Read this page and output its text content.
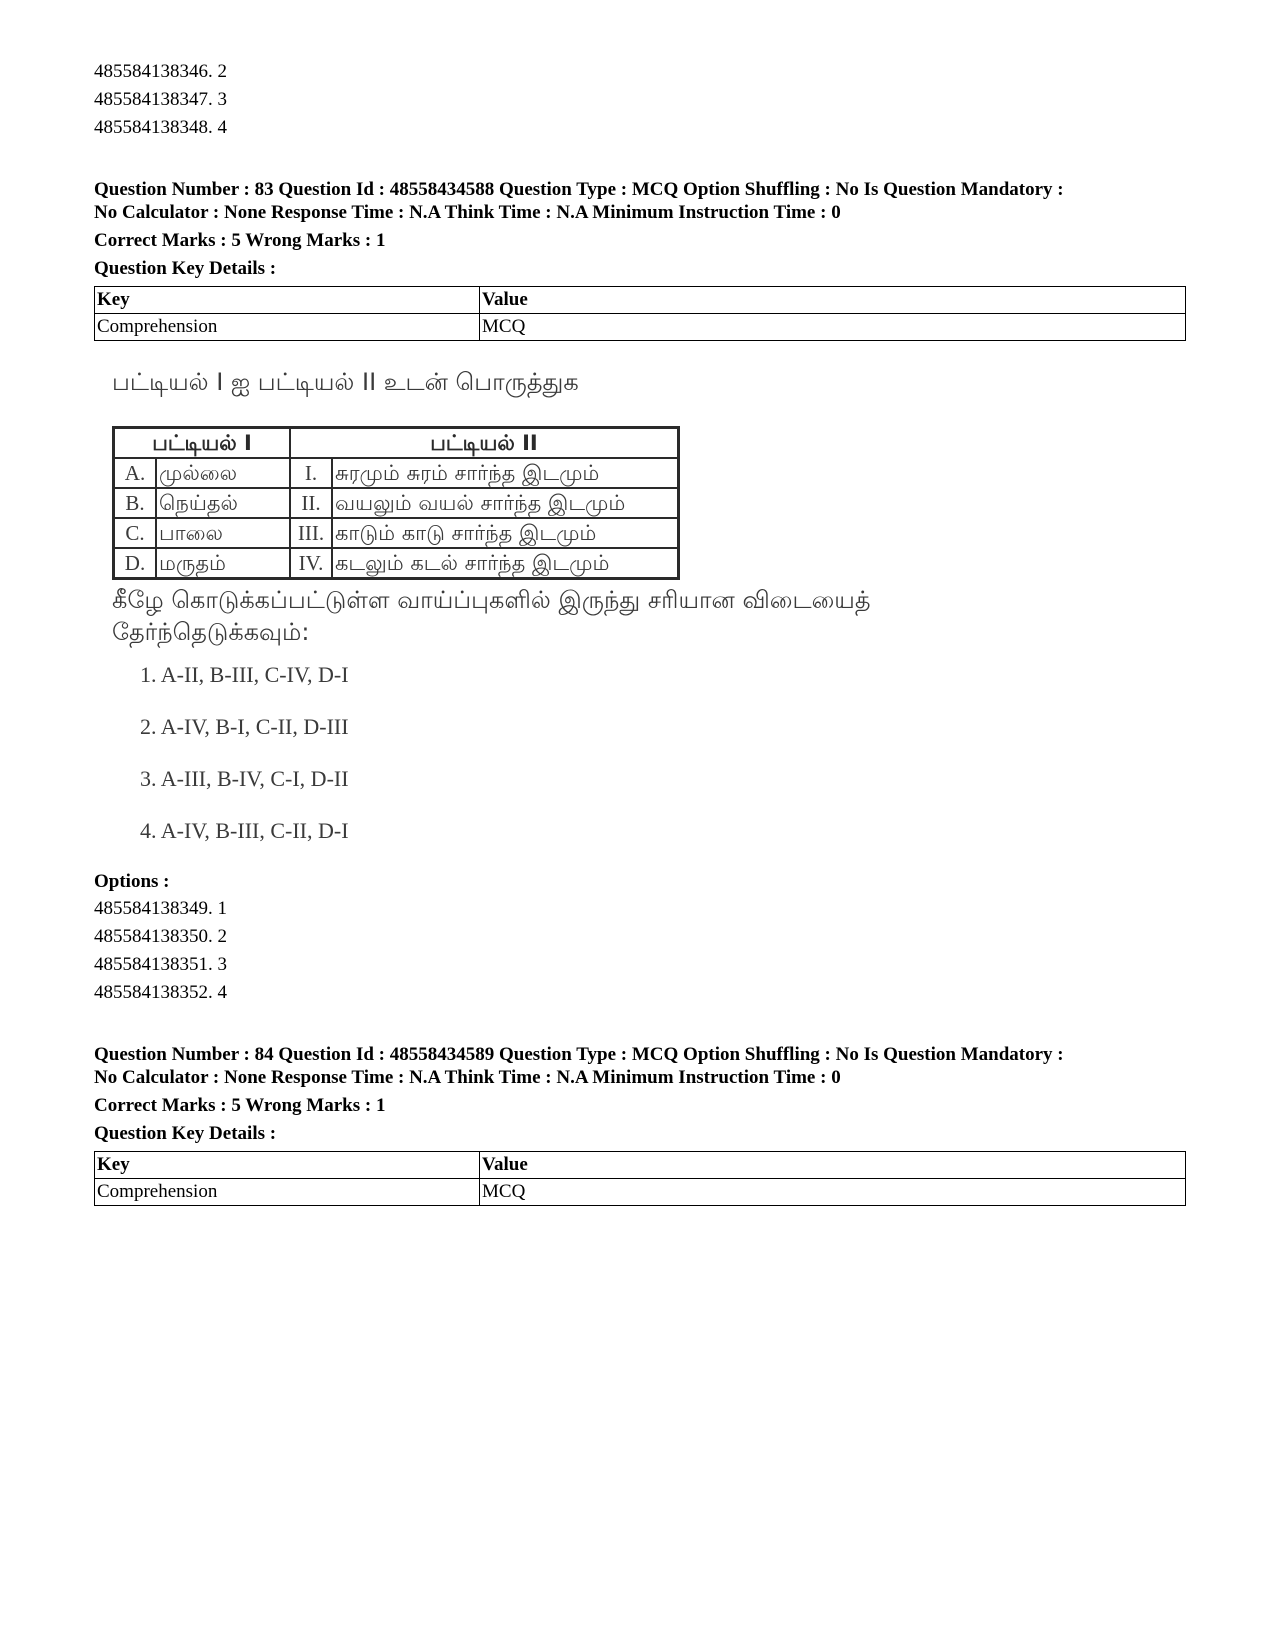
485584138346. 2
485584138347. 3
485584138348. 4
Question Number : 83 Question Id : 48558434588 Question Type : MCQ Option Shuffling : No Is Question Mandatory :
No Calculator : None Response Time : N.A Think Time : N.A Minimum Instruction Time : 0
Correct Marks : 5 Wrong Marks : 1
Question Key Details :
Key	Value
Comprehension	MCQ
பட்டியல் I ஐ பட்டியல் II உடன் பொருத்துக
பட்டியல் I		பட்டியல் II	
A.	முல்லை	I.	சுரமும் சுரம் சார்ந்த இடமும்
B.	நெய்தல்	II.	வயலும் வயல் சார்ந்த இடமும்
C.	பாலை	III.	காடும் காடு சார்ந்த இடமும்
D.	மருதம்	IV.	கடலும் கடல் சார்ந்த இடமும்
கீழே கொடுக்கப்பட்டுள்ள வாய்ப்புகளில் இருந்து சரியான விடையைத்
தேர்ந்தெடுக்கவும்:
1. A-II, B-III, C-IV, D-I
2. A-IV, B-I, C-II, D-III
3. A-III, B-IV, C-I, D-II
4. A-IV, B-III, C-II, D-I
Options :
485584138349. 1
485584138350. 2
485584138351. 3
485584138352. 4
Question Number : 84 Question Id : 48558434589 Question Type : MCQ Option Shuffling : No Is Question Mandatory :
No Calculator : None Response Time : N.A Think Time : N.A Minimum Instruction Time : 0
Correct Marks : 5 Wrong Marks : 1
Question Key Details :
Key	Value
Comprehension	MCQ
